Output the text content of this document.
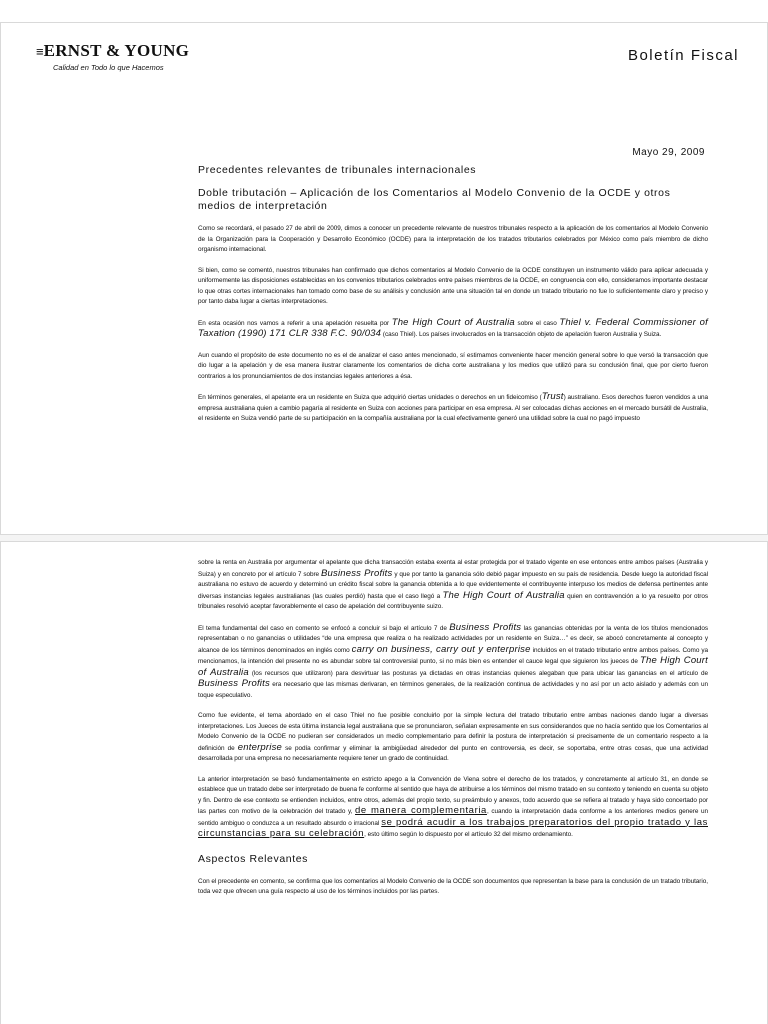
≡ERNST & YOUNG
Calidad en Todo lo que Hacemos
Boletín Fiscal
Mayo 29, 2009

Precedentes relevantes de tribunales internacionales

Doble tributación – Aplicación de los Comentarios al Modelo Convenio de la OCDE y otros medios de interpretación

Como se recordará, el pasado 27 de abril de 2009, dimos a conocer un precedente relevante de nuestros tribunales respecto a la aplicación de los comentarios al Modelo Convenio de la Organización para la Cooperación y Desarrollo Económico (OCDE) para la interpretación de los tratados tributarios celebrados por México como país miembro de dicho organismo internacional.

Si bien, como se comentó, nuestros tribunales han confirmado que dichos comentarios al Modelo Convenio de la OCDE constituyen un instrumento válido para aplicar adecuada y uniformemente las disposiciones establecidas en los convenios tributarios celebrados entre países miembros de la OCDE, en congruencia con ello, consideramos importante destacar lo que otras cortes internacionales han tomado como base de su análisis y conclusión ante una situación tal en donde un tratado tributario no fue lo suficientemente claro y preciso y por tanto daba lugar a ciertas interpretaciones.

En esta ocasión nos vamos a referir a una apelación resuelta por The High Court of Australia sobre el caso Thiel v. Federal Commissioner of Taxation (1990) 171 CLR 338 F.C. 90/034 (caso Thiel). Los países involucrados en la transacción objeto de apelación fueron Australia y Suiza.

Aun cuando el propósito de este documento no es el de analizar el caso antes mencionado, sí estimamos conveniente hacer mención general sobre lo que versó la transacción que dio lugar a la apelación y de esa manera ilustrar claramente los comentarios de dicha corte australiana y los medios que utilizó para su conclusión final, que por cierto fueron contrarios a los pronunciamientos de dos instancias legales anteriores a ésa.

En términos generales, el apelante era un residente en Suiza que adquirió ciertas unidades o derechos en un fideicomiso (Trust) australiano. Esos derechos fueron vendidos a una empresa australiana quien a cambio pagaría al residente en Suiza con acciones para participar en esa empresa. Al ser colocadas dichas acciones en el mercado bursátil de Australia, el residente en Suiza vendió parte de su participación en la compañía australiana por la cual efectivamente generó una utilidad sobre la cual no pagó impuesto

sobre la renta en Australia por argumentar el apelante que dicha transacción estaba exenta al estar protegida por el tratado vigente en ese entonces entre ambos países (Australia y Suiza) y en concreto por el artículo 7 sobre Business Profits y que por tanto la ganancia sólo debió pagar impuesto en su país de residencia. Desde luego la autoridad fiscal australiana no estuvo de acuerdo y determinó un crédito fiscal sobre la ganancia obtenida a lo que evidentemente el contribuyente interpuso los medios de defensa pertinentes ante diversas instancias legales australianas (las cuales perdió) hasta que el caso llegó a The High Court of Australia quien en contravención a lo ya resuelto por otros tribunales resolvió aceptar favorablemente el caso de apelación del contribuyente suizo.

El tema fundamental del caso en comento se enfocó a concluir si bajo el artículo 7 de Business Profits las ganancias obtenidas por la venta de los títulos mencionados representaban o no ganancias o utilidades “de una empresa que realiza o ha realizado actividades por un residente en Suiza…” es decir, se abocó concretamente al concepto y alcance de los términos denominados en inglés como carry on business, carry out y enterprise incluidos en el tratado tributario entre ambos países. Como ya mencionamos, la intención del presente no es abundar sobre tal controversial punto, si no más bien es entender el cauce legal que siguieron los jueces de The High Court of Australia (los recursos que utilizaron) para desvirtuar las posturas ya dictadas en otras instancias quienes alegaban que para ubicar las ganancias en el artículo de Business Profits era necesario que las mismas derivaran, en términos generales, de la realización continua de actividades y no así por un acto aislado y además con un toque especulativo.

Como fue evidente, el tema abordado en el caso Thiel no fue posible concluirlo por la simple lectura del tratado tributario entre ambas naciones dando lugar a diversas interpretaciones. Los Jueces de esta última instancia legal australiana que se pronunciaron, señalan expresamente en sus considerandos que no hacía sentido que los Comentarios al Modelo Convenio de la OCDE no pudieran ser considerados un medio complementario para definir la postura de interpretación si precisamente de un comentario respecto a la definición de enterprise se podía confirmar y eliminar la ambigüedad alrededor del punto en controversia, es decir, se soportaba, entre otras cosas, que una actividad desarrollada por una empresa no necesariamente requiere tener un grado de continuidad.

La anterior interpretación se basó fundamentalmente en estricto apego a la Convención de Viena sobre el derecho de los tratados, y concretamente al artículo 31, en donde se establece que un tratado debe ser interpretado de buena fe conforme al sentido que haya de atribuirse a los términos del mismo tratado en su contexto y teniendo en cuenta su objeto y fin. Dentro de ese contexto se entienden incluidos, entre otros, además del propio texto, su preámbulo y anexos, todo acuerdo que se refiera al tratado y haya sido concertado por las partes con motivo de la celebración del tratado y, de manera complementaria, cuando la interpretación dada conforme a los anteriores medios genere un sentido ambiguo o conduzca a un resultado absurdo o irracional se podrá acudir a los trabajos preparatorios del propio tratado y las circunstancias para su celebración, esto último según lo dispuesto por el artículo 32 del mismo ordenamiento.

Aspectos Relevantes

Con el precedente en comento, se confirma que los comentarios al Modelo Convenio de la OCDE son documentos que representan la base para la conclusión de un tratado tributario, toda vez que ofrecen una guía respecto al uso de los términos incluidos por las partes.
